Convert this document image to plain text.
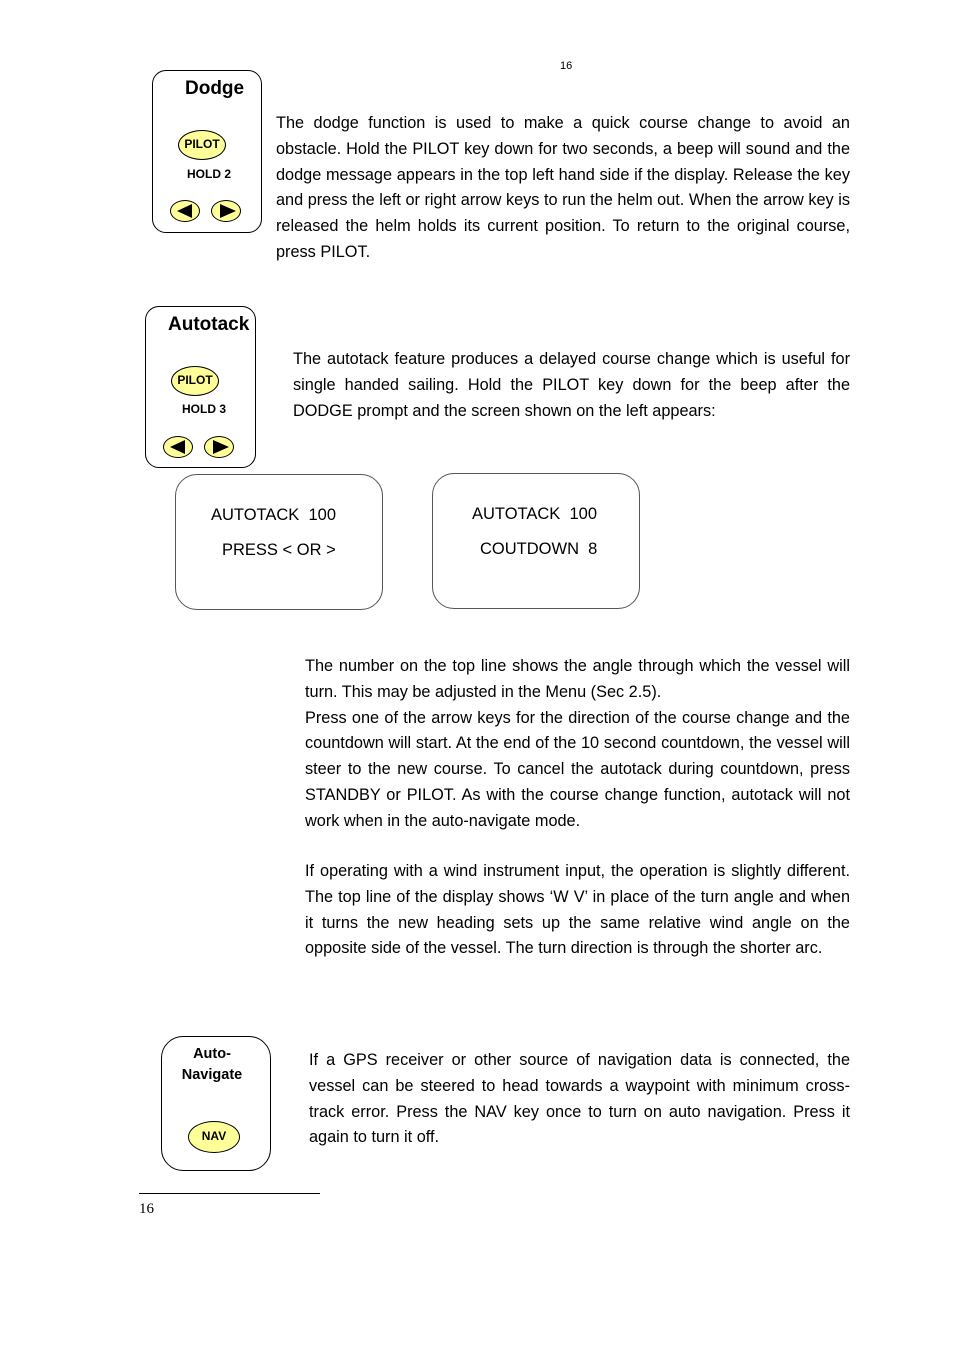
16
Dodge
PILOT
HOLD 2

The dodge function is used to make a quick course change to avoid an obstacle. Hold the PILOT key down for two seconds, a beep will sound and the dodge message appears in the top left hand side if the display. Release the key and press the left or right arrow keys to run the helm out. When the arrow key is released the helm holds its current position. To return to the original course, press PILOT.

Autotack
PILOT
HOLD 3

The autotack feature produces a delayed course change which is useful for single handed sailing. Hold the PILOT key down for the beep after the DODGE prompt and the screen shown on the left appears:

AUTOTACK  100
PRESS < OR >
AUTOTACK  100
COUTDOWN  8

The number on the top line shows the angle through which the vessel will turn. This may be adjusted in the Menu (Sec 2.5).

Press one of the arrow keys for the direction of the course change and the countdown will start. At the end of the 10 second countdown, the vessel will steer to the new course. To cancel the autotack during countdown, press STANDBY or PILOT. As with the course change function, autotack will not work when in the auto-navigate mode.

If operating with a wind instrument input, the operation is slightly different. The top line of the display shows ‘W V’ in place of the turn angle and when it turns the new heading sets up the same relative wind angle on the opposite side of the vessel. The turn direction is through the shorter arc.

Auto-
Navigate
NAV

If a GPS receiver or other source of navigation data is connected, the vessel can be steered to head towards a waypoint with minimum cross-track error. Press the NAV key once to turn on auto navigation. Press it again to turn it off.

16
